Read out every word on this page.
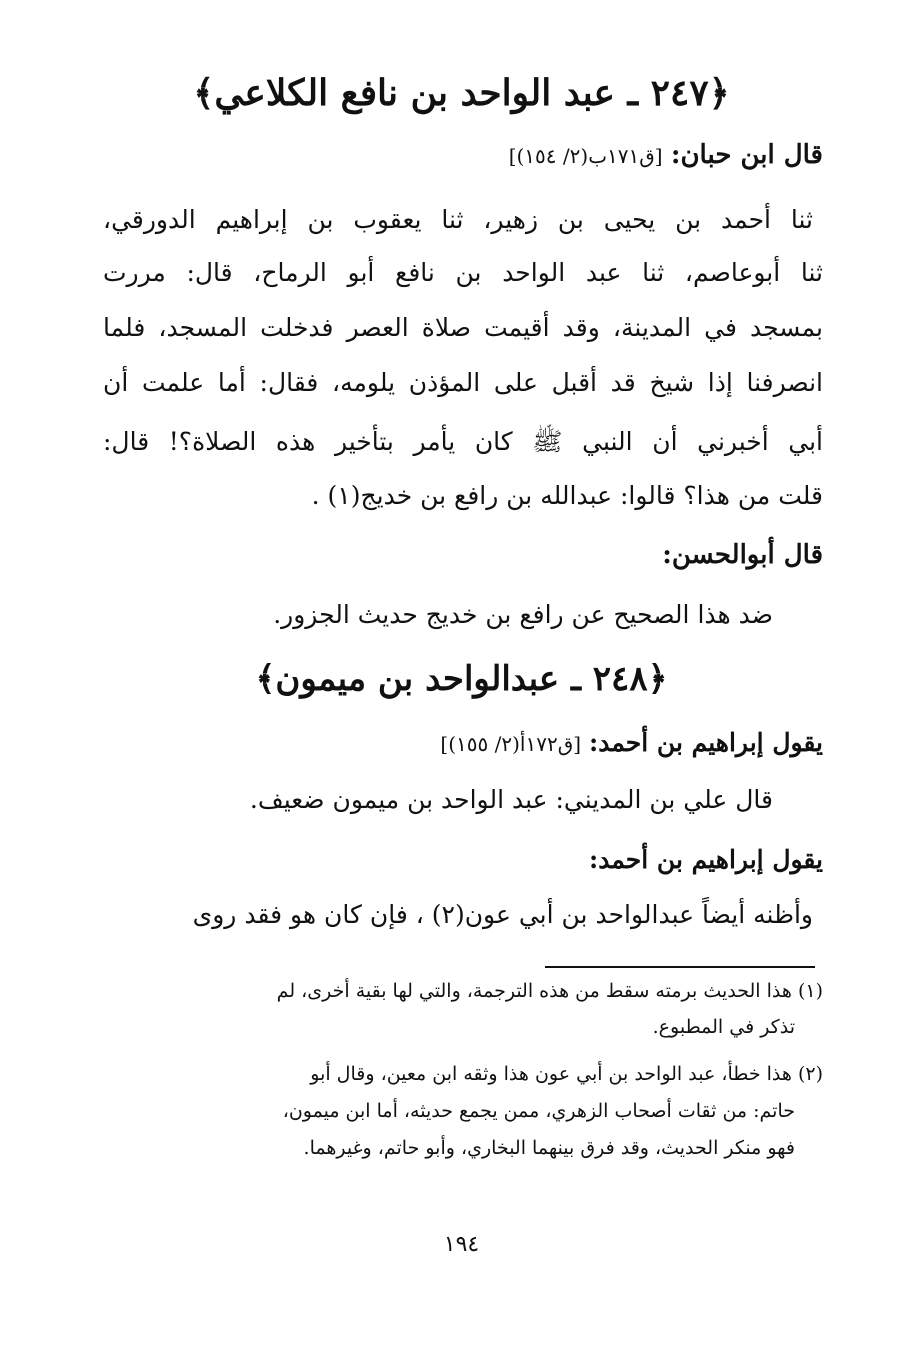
﴿٢٤٧ ـ عبد الواحد بن نافع الكلاعي﴾
قال ابن حبان: [ق١٧١ب(٢/ ١٥٤)]
ثنا أحمد بن يحيى بن زهير، ثنا يعقوب بن إبراهيم الدورقي،
ثنا أبوعاصم، ثنا عبد الواحد بن نافع أبو الرماح، قال: مررت
بمسجد في المدينة، وقد أقيمت صلاة العصر فدخلت المسجد، فلما
انصرفنا إذا شيخ قد أقبل على المؤذن يلومه، فقال: أما علمت أن
أبي أخبرني أن النبي ﷺ كان يأمر بتأخير هذه الصلاة؟! قال:
قلت من هذا؟ قالوا: عبدالله بن رافع بن خديج(١) .
قال أبوالحسن:
ضد هذا الصحيح عن رافع بن خديج حديث الجزور.
﴿٢٤٨ ـ عبدالواحد بن ميمون﴾
يقول إبراهيم بن أحمد: [ق١٧٢أ(٢/ ١٥٥)]
قال علي بن المديني: عبد الواحد بن ميمون ضعيف.
يقول إبراهيم بن أحمد:
وأظنه أيضاً عبدالواحد بن أبي عون(٢) ، فإن كان هو فقد روى
(١) هذا الحديث برمته سقط من هذه الترجمة، والتي لها بقية أخرى، لم
تذكر في المطبوع.
(٢) هذا خطأ، عبد الواحد بن أبي عون هذا وثقه ابن معين، وقال أبو
حاتم: من ثقات أصحاب الزهري، ممن يجمع حديثه، أما ابن ميمون،
فهو منكر الحديث، وقد فرق بينهما البخاري، وأبو حاتم، وغيرهما.
١٩٤
